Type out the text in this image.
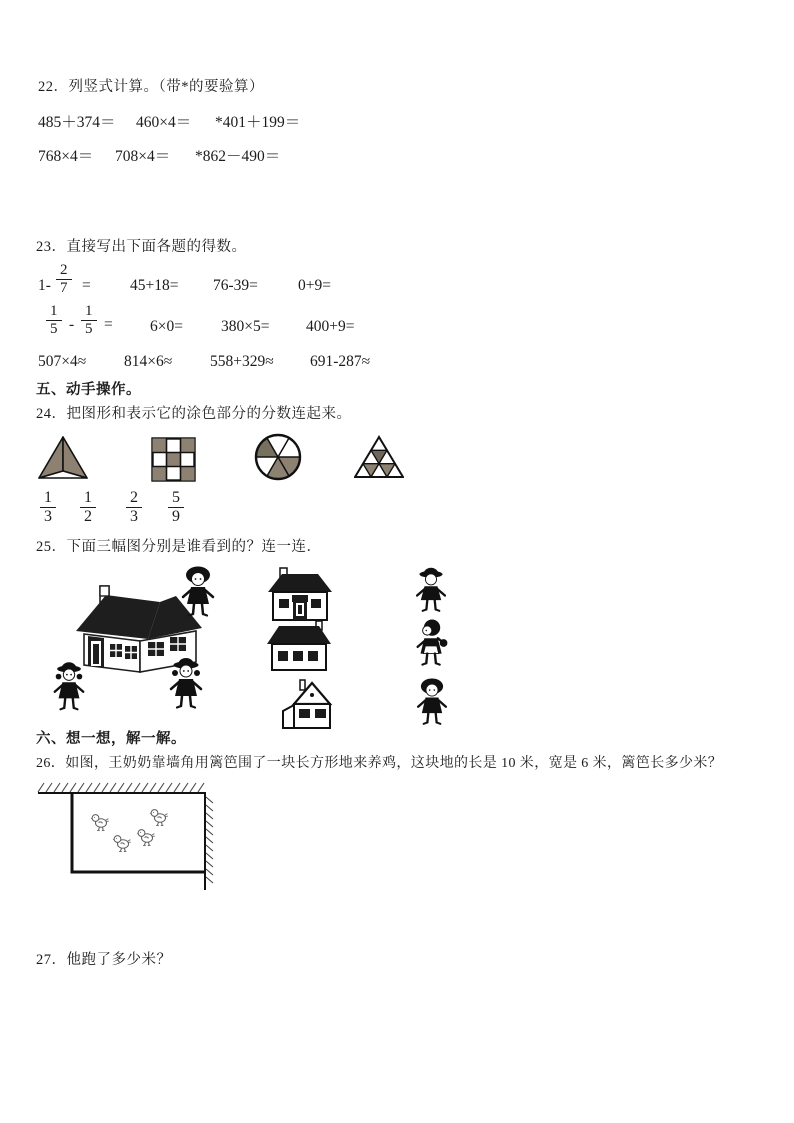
22．列竖式计算。（带*的要验算）
485＋374＝ 460×4＝ *401＋199＝
768×4＝ 708×4＝ *862－490＝
23．直接写出下面各题的得数。
$1- \frac{2}{7}$ =	45+18= 76-39=	0+9=
$\frac{1}{5} - \frac{1}{5} = 6\times 0= 380\times 5= 400+9=$
507×4≈ 814×6≈ 558+329≈ 691-287≈
五、动手操作。
24．把图形和表示它的涂色部分的分数连起来。
$\frac{1}{3} \frac{1}{2} \frac{2}{3} \frac{5}{9}$
25．下面三幅图分别是谁看到的？连一连．
六、想一想，解一解。
26．如图，王奶奶靠墙角用篱笆围了一块长方形地来养鸡，这块地的长是 10 米，宽是 6 米，篱笆长多少米？
27．他跑了多少米？
